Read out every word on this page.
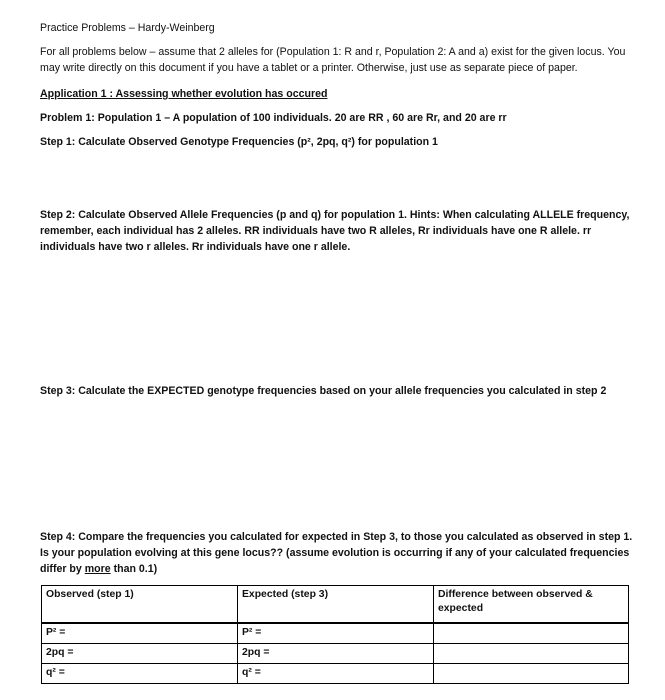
Practice Problems – Hardy-Weinberg

For all problems below – assume that 2 alleles for (Population 1: R and r, Population 2: A and a) exist for the given locus. You may write directly on this document if you have a tablet or a printer. Otherwise, just use as separate piece of paper.

Application 1 : Assessing whether evolution has occured

Problem 1: Population 1 – A population of 100 individuals. 20 are RR , 60 are Rr, and 20 are rr

Step 1: Calculate Observed Genotype Frequencies (p², 2pq, q²) for population 1

Step 2: Calculate Observed Allele Frequencies (p and q) for population 1. Hints: When calculating ALLELE frequency, remember, each individual has 2 alleles. RR individuals have two R alleles, Rr individuals have one R allele. rr individuals have two r alleles. Rr individuals have one r allele.

Step 3: Calculate the EXPECTED genotype frequencies based on your allele frequencies you calculated in step 2

Step 4: Compare the frequencies you calculated for expected in Step 3, to those you calculated as observed in step 1. Is your population evolving at this gene locus?? (assume evolution is occurring if any of your calculated frequencies differ by more than 0.1)

Observed (step 1)	Expected (step 3)	Difference between observed & expected

P² =	P² =	
2pq =	2pq =	
q² =	q² =	
